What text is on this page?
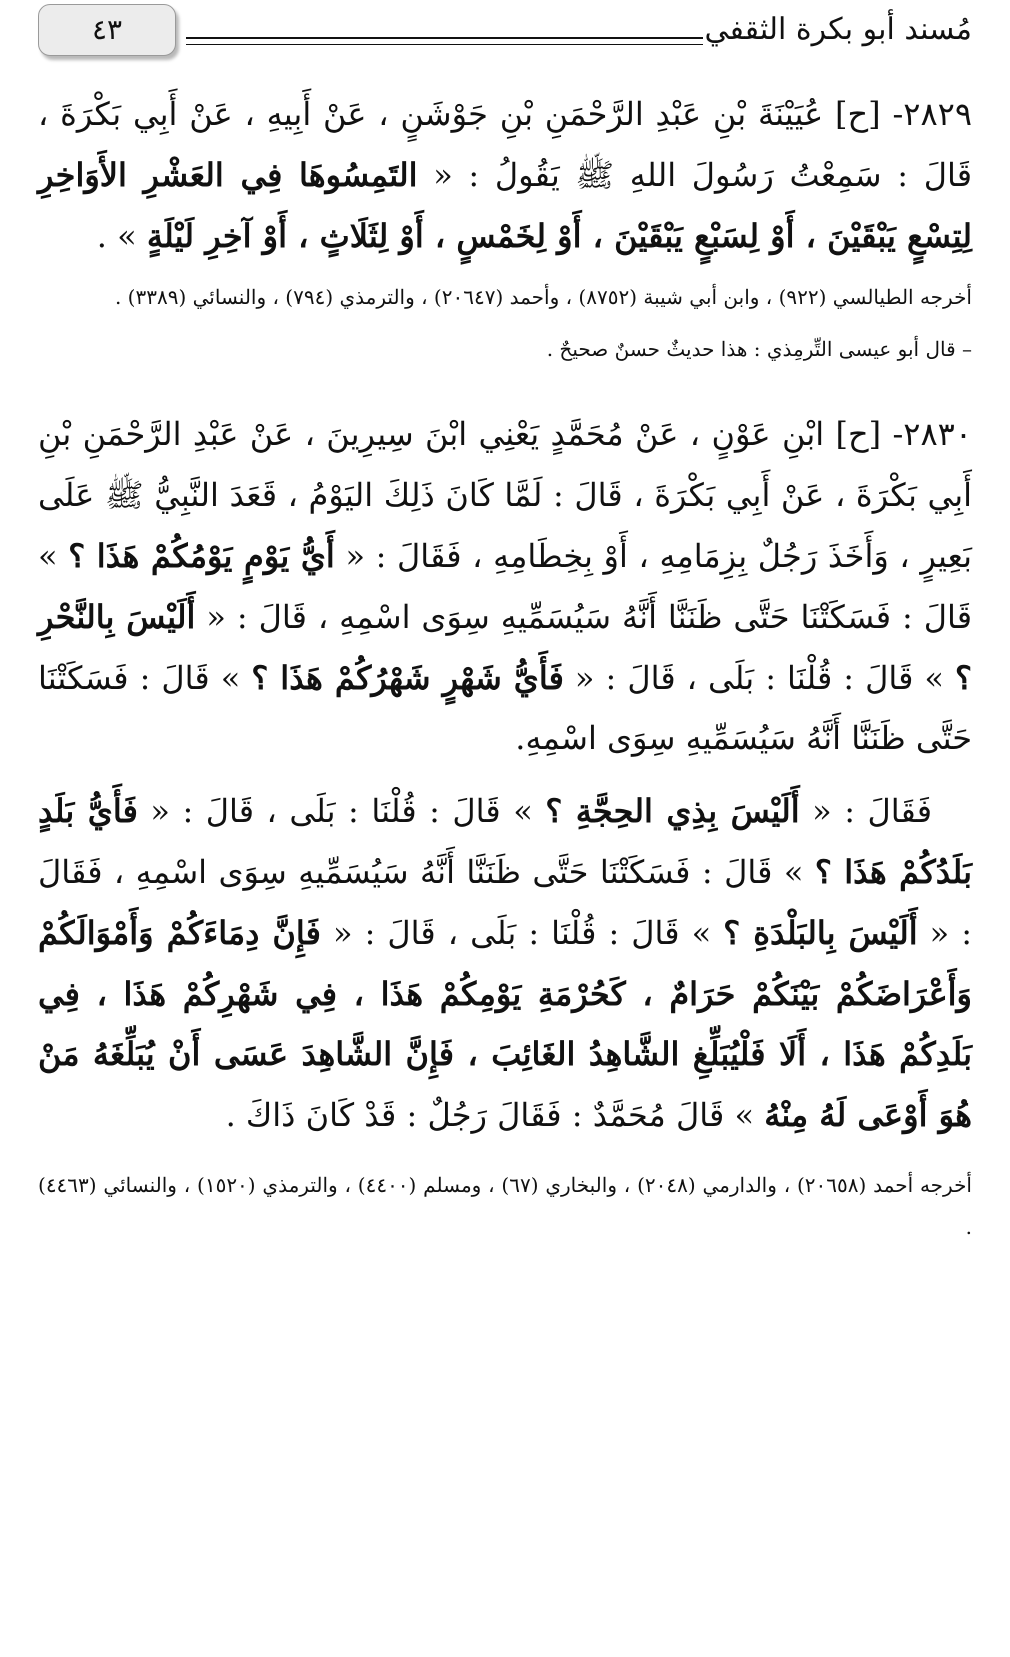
٤٣	مُسند أبو بكرة الثقفي

٢٨٢٩- [ح] عُيَيْنَةَ بْنِ عَبْدِ الرَّحْمَنِ بْنِ جَوْشَنٍ ، عَنْ أَبِيهِ ، عَنْ أَبِي بَكْرَةَ ، قَالَ : سَمِعْتُ رَسُولَ اللهِ ﷺ يَقُولُ : « التَمِسُوهَا فِي العَشْرِ الأَوَاخِرِ لِتِسْعٍ يَبْقَيْنَ ، أَوْ لِسَبْعٍ يَبْقَيْنَ ، أَوْ لِخَمْسٍ ، أَوْ لِثَلَاثٍ ، أَوْ آخِرِ لَيْلَةٍ » .

أخرجه الطيالسي (٩٢٢) ، وابن أبي شيبة (٨٧٥٢) ، وأحمد (٢٠٦٤٧) ، والترمذي (٧٩٤) ، والنسائي (٣٣٨٩) .

– قال أبو عيسى التِّرمِذي : هذا حديثٌ حسنٌ صحيحٌ .

٢٨٣٠- [ح] ابْنِ عَوْنٍ ، عَنْ مُحَمَّدٍ يَعْنِي ابْنَ سِيرِينَ ، عَنْ عَبْدِ الرَّحْمَنِ بْنِ أَبِي بَكْرَةَ ، عَنْ أَبِي بَكْرَةَ ، قَالَ : لَمَّا كَانَ ذَلِكَ اليَوْمُ ، قَعَدَ النَّبِيُّ ﷺ عَلَى بَعِيرٍ ، وَأَخَذَ رَجُلٌ بِزِمَامِهِ ، أَوْ بِخِطَامِهِ ، فَقَالَ : « أَيُّ يَوْمٍ يَوْمُكُمْ هَذَا ؟ » قَالَ : فَسَكَتْنَا حَتَّى ظَنَنَّا أَنَّهُ سَيُسَمِّيهِ سِوَى اسْمِهِ ، قَالَ : « أَلَيْسَ بِالنَّحْرِ ؟ » قَالَ : قُلْنَا : بَلَى ، قَالَ : « فَأَيُّ شَهْرٍ شَهْرُكُمْ هَذَا ؟ » قَالَ : فَسَكَتْنَا حَتَّى ظَنَنَّا أَنَّهُ سَيُسَمِّيهِ سِوَى اسْمِهِ.

فَقَالَ : « أَلَيْسَ بِذِي الحِجَّةِ ؟ » قَالَ : قُلْنَا : بَلَى ، قَالَ : « فَأَيُّ بَلَدٍ بَلَدُكُمْ هَذَا ؟ » قَالَ : فَسَكَتْنَا حَتَّى ظَنَنَّا أَنَّهُ سَيُسَمِّيهِ سِوَى اسْمِهِ ، فَقَالَ : « أَلَيْسَ بِالبَلْدَةِ ؟ » قَالَ : قُلْنَا : بَلَى ، قَالَ : « فَإِنَّ دِمَاءَكُمْ وَأَمْوَالَكُمْ وَأَعْرَاضَكُمْ بَيْنَكُمْ حَرَامٌ ، كَحُرْمَةِ يَوْمِكُمْ هَذَا ، فِي شَهْرِكُمْ هَذَا ، فِي بَلَدِكُمْ هَذَا ، أَلَا فَلْيُبَلِّغِ الشَّاهِدُ الغَائِبَ ، فَإِنَّ الشَّاهِدَ عَسَى أَنْ يُبَلِّغَهُ مَنْ هُوَ أَوْعَى لَهُ مِنْهُ » قَالَ مُحَمَّدٌ : فَقَالَ رَجُلٌ : قَدْ كَانَ ذَاكَ .

أخرجه أحمد (٢٠٦٥٨) ، والدارمي (٢٠٤٨) ، والبخاري (٦٧) ، ومسلم (٤٤٠٠) ، والترمذي (١٥٢٠) ، والنسائي (٤٤٦٣) .
